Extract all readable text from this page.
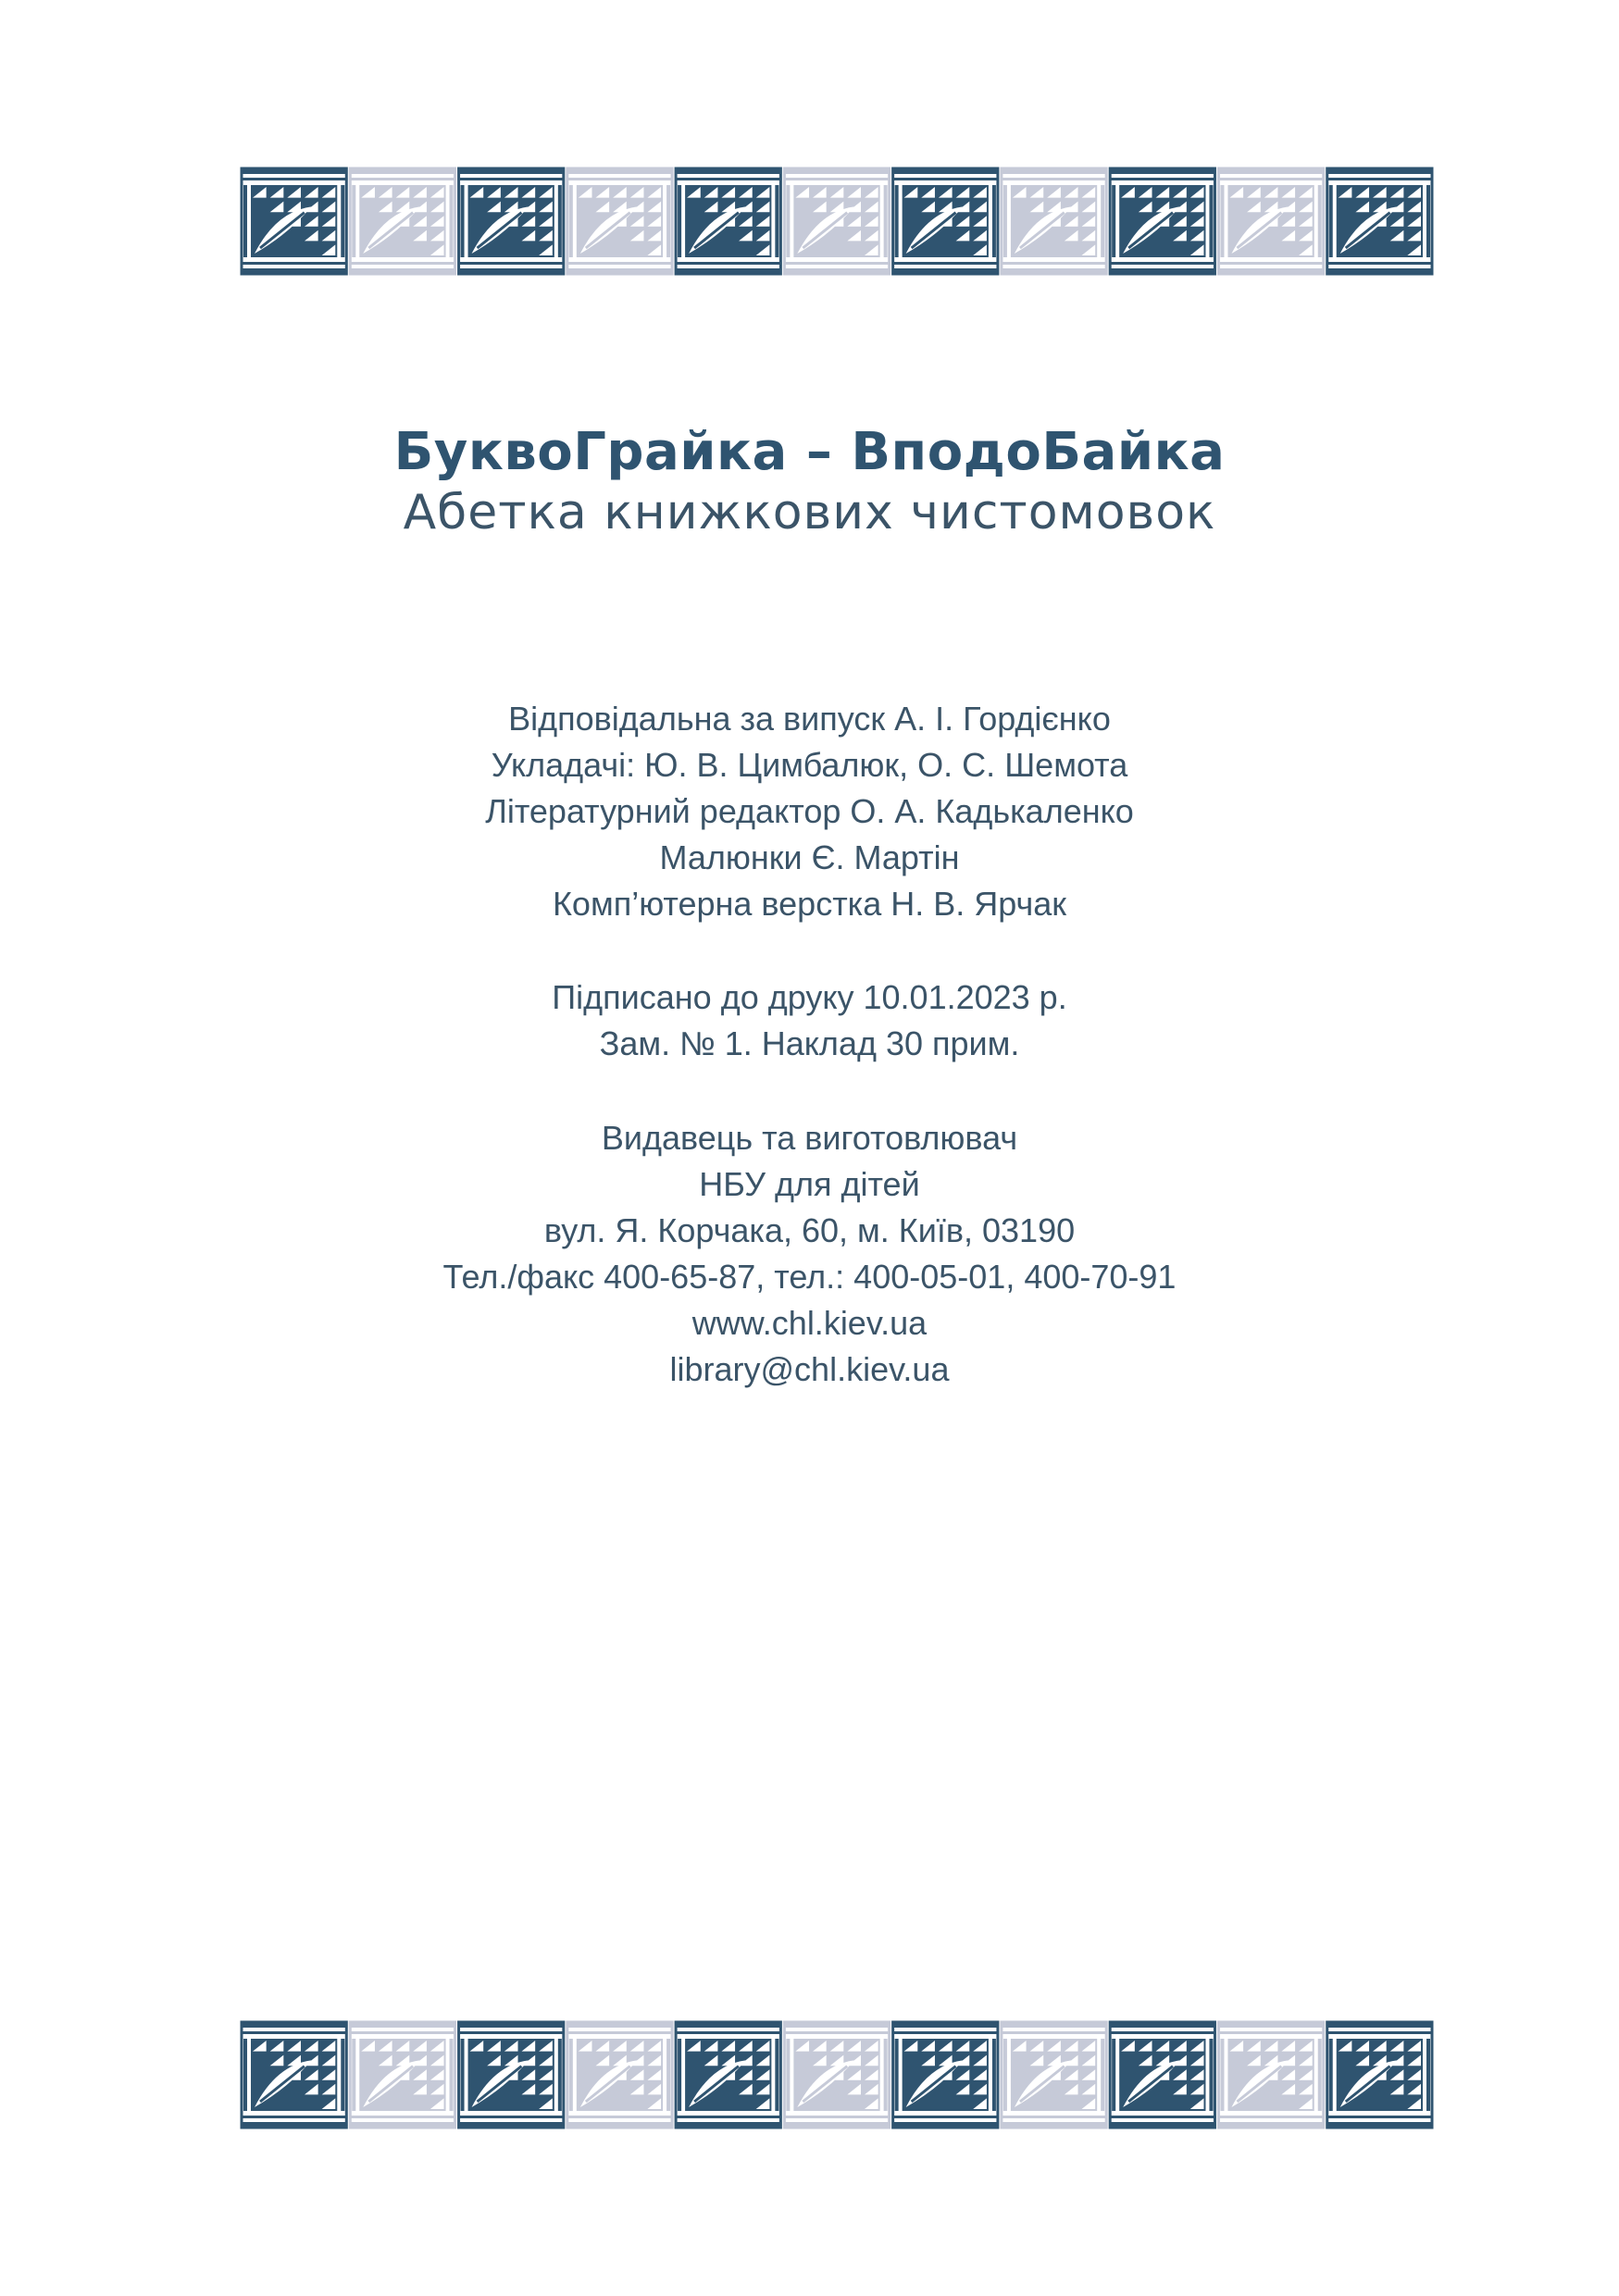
БуквоГрайка – ВподоБайка

Абетка книжкових чистомовок

Відповідальна за випуск А. І. Гордієнко
Укладачі: Ю. В. Цимбалюк, О. С. Шемота
Літературний редактор О. А. Кадькаленко
Малюнки Є. Мартін
Комп’ютерна верстка Н. В. Ярчак
Підписано до друку 10.01.2023 р.
Зам. № 1. Наклад 30 прим.
Видавець та виготовлювач
НБУ для дітей
вул. Я. Корчака, 60, м. Київ, 03190
Тел./факс 400-65-87, тел.: 400-05-01, 400-70-91
www.chl.kiev.ua
library@chl.kiev.ua
